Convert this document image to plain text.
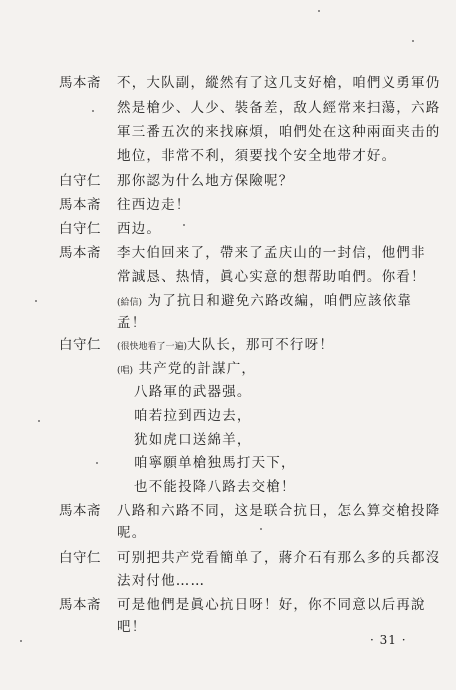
馬本斋 不，大队副，縱然有了这几支好槍，咱們义勇軍仍
然是槍少、人少、裝备差，敌人經常来扫蕩，六路
軍三番五次的来找麻煩，咱們处在这种兩面夹击的
地位，非常不利，須要找个安全地带才好。
白守仁 那你認为什么地方保險呢？
馬本斋 往西边走！
白守仁 西边。
馬本斋 李大伯回来了，帶来了孟庆山的一封信，他們非
常誠恳、热情，眞心实意的想帮助咱們。你看！
(給信) 为了抗日和避免六路改編，咱們应該依靠
孟！
白守仁 (很快地看了一遍)大队长，那可不行呀！
(唱) 共产党的計謀广，
八路軍的武器强。
咱若拉到西边去，
犹如虎口送綿羊，
咱寧願单槍独馬打天下，
也不能投降八路去交槍！
馬本斋 八路和六路不同，这是联合抗日，怎么算交槍投降
呢。
白守仁 可别把共产党看簡单了，蔣介石有那么多的兵都沒
法对付他……
馬本斋 可是他們是眞心抗日呀！好，你不同意以后再說
吧！
· 31 ·
